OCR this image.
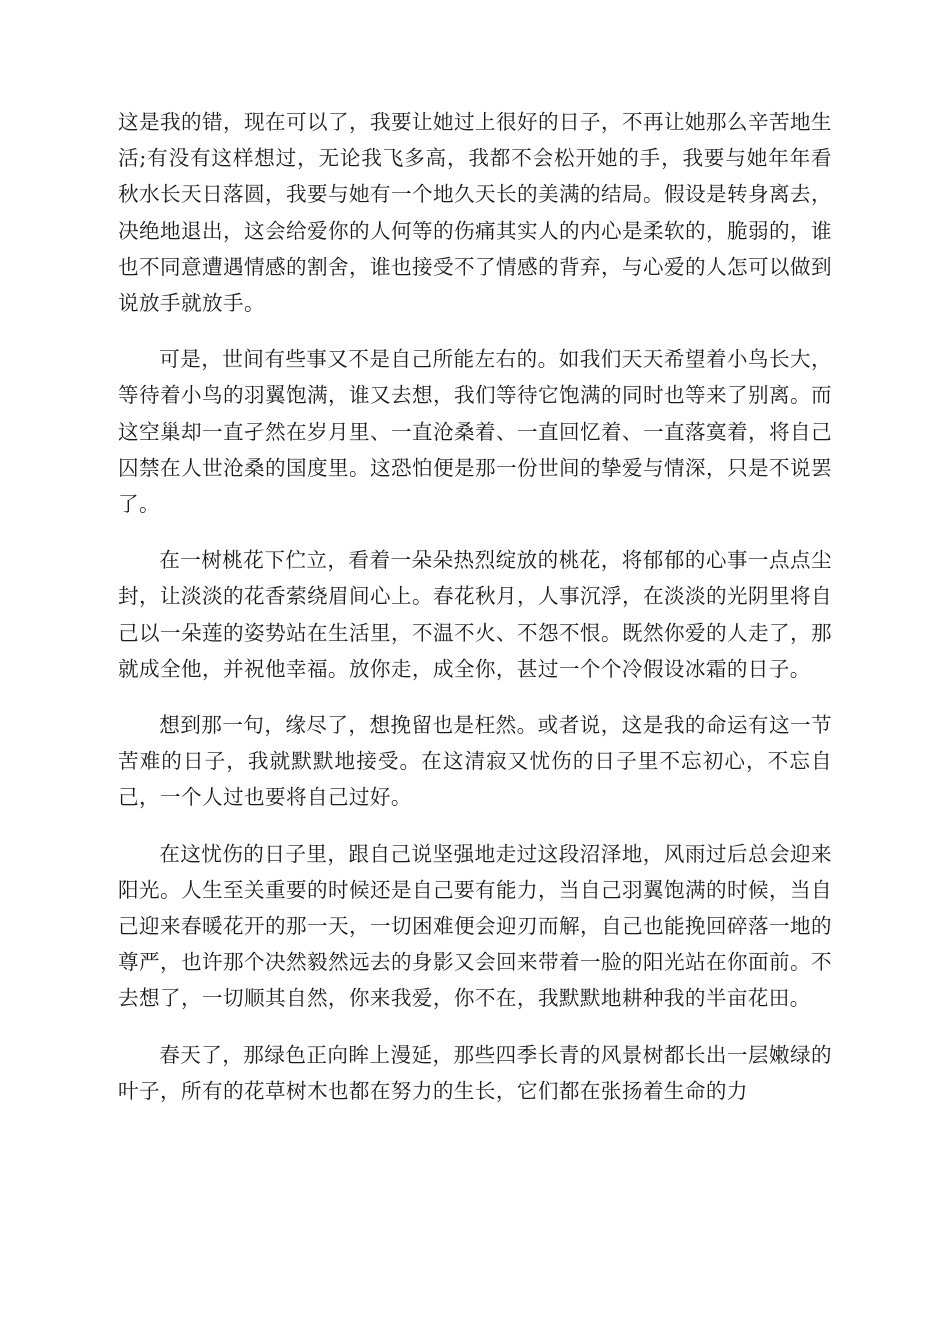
这是我的错，现在可以了，我要让她过上很好的日子，不再让她那么辛苦地生活;有没有这样想过，无论我飞多高，我都不会松开她的手，我要与她年年看秋水长天日落圆，我要与她有一个地久天长的美满的结局。假设是转身离去，决绝地退出，这会给爱你的人何等的伤痛其实人的内心是柔软的，脆弱的，谁也不同意遭遇情感的割舍，谁也接受不了情感的背弃，与心爱的人怎可以做到说放手就放手。

可是，世间有些事又不是自己所能左右的。如我们天天希望着小鸟长大，等待着小鸟的羽翼饱满，谁又去想，我们等待它饱满的同时也等来了别离。而这空巢却一直孑然在岁月里、一直沧桑着、一直回忆着、一直落寞着，将自己囚禁在人世沧桑的国度里。这恐怕便是那一份世间的挚爱与情深，只是不说罢了。

在一树桃花下伫立，看着一朵朵热烈绽放的桃花，将郁郁的心事一点点尘封，让淡淡的花香萦绕眉间心上。春花秋月，人事沉浮，在淡淡的光阴里将自己以一朵莲的姿势站在生活里，不温不火、不怨不恨。既然你爱的人走了，那就成全他，并祝他幸福。放你走，成全你，甚过一个个冷假设冰霜的日子。

想到那一句，缘尽了，想挽留也是枉然。或者说，这是我的命运有这一节苦难的日子，我就默默地接受。在这清寂又忧伤的日子里不忘初心，不忘自己，一个人过也要将自己过好。

在这忧伤的日子里，跟自己说坚强地走过这段沼泽地，风雨过后总会迎来阳光。人生至关重要的时候还是自己要有能力，当自己羽翼饱满的时候，当自己迎来春暖花开的那一天，一切困难便会迎刃而解，自己也能挽回碎落一地的尊严，也许那个决然毅然远去的身影又会回来带着一脸的阳光站在你面前。不去想了，一切顺其自然，你来我爱，你不在，我默默地耕种我的半亩花田。

春天了，那绿色正向眸上漫延，那些四季长青的风景树都长出一层嫩绿的叶子，所有的花草树木也都在努力的生长，它们都在张扬着生命的力
